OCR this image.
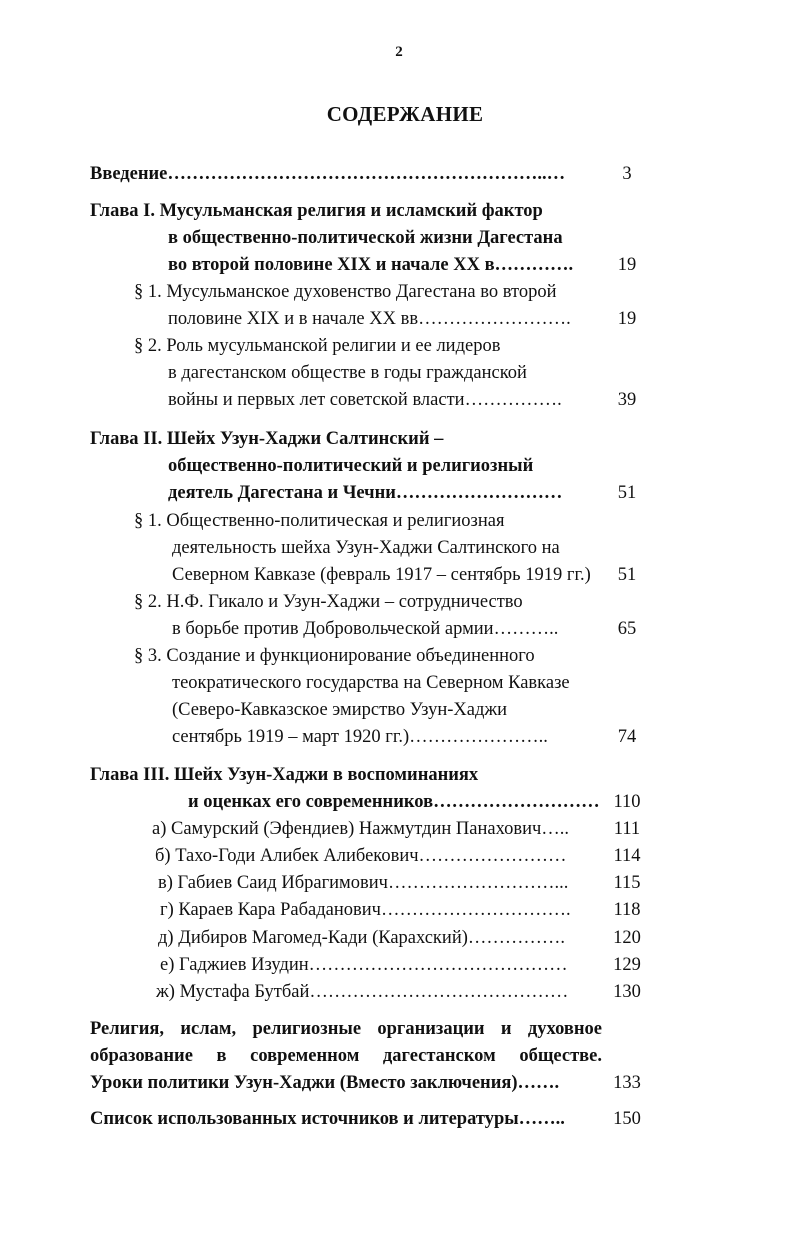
2
СОДЕРЖАНИЕ
Введение……………………………………………………..…	3
Глава I. Мусульманская религия и исламский фактор
в общественно-политической жизни Дагестана
во второй половине XIX и начале XX в………….	19
§ 1. Мусульманское духовенство Дагестана во второй
половине XIX и в начале XX вв…………………….	19
§ 2. Роль мусульманской религии и ее лидеров
в дагестанском обществе в годы гражданской
войны и первых лет советской власти…………….	39
Глава II. Шейх Узун-Хаджи Салтинский –
общественно-политический и религиозный
деятель Дагестана и Чечни………………………	51
§ 1. Общественно-политическая и религиозная
деятельность шейха Узун-Хаджи Салтинского на
Северном Кавказе (февраль 1917 – сентябрь 1919 гг.)	51
§ 2. Н.Ф. Гикало и Узун-Хаджи – сотрудничество
в борьбе против Добровольческой армии………..	65
§ 3. Создание и функционирование объединенного
теократического государства на Северном Кавказе
(Северо-Кавказское эмирство Узун-Хаджи
сентябрь 1919 – март 1920 гг.)…………………..	74
Глава III. Шейх Узун-Хаджи в воспоминаниях
и оценках его современников……………………… 110
а) Самурский (Эфендиев) Нажмутдин Панахович…..	111
б) Тахо-Годи Алибек Алибекович……………………	114
в) Габиев Саид Ибрагимович………………………...	115
г) Караев Кара Рабаданович………………………….	118
д) Дибиров Магомед-Кади (Карахский)…………….	120
е) Гаджиев Изудин……………………………………	129
ж) Мустафа Бутбай……………………………………	130
Религия, ислам, религиозные организации и духовное
образование в современном дагестанском обществе.
Уроки политики Узун-Хаджи (Вместо заключения)…….	133
Список использованных источников и литературы……..	150
